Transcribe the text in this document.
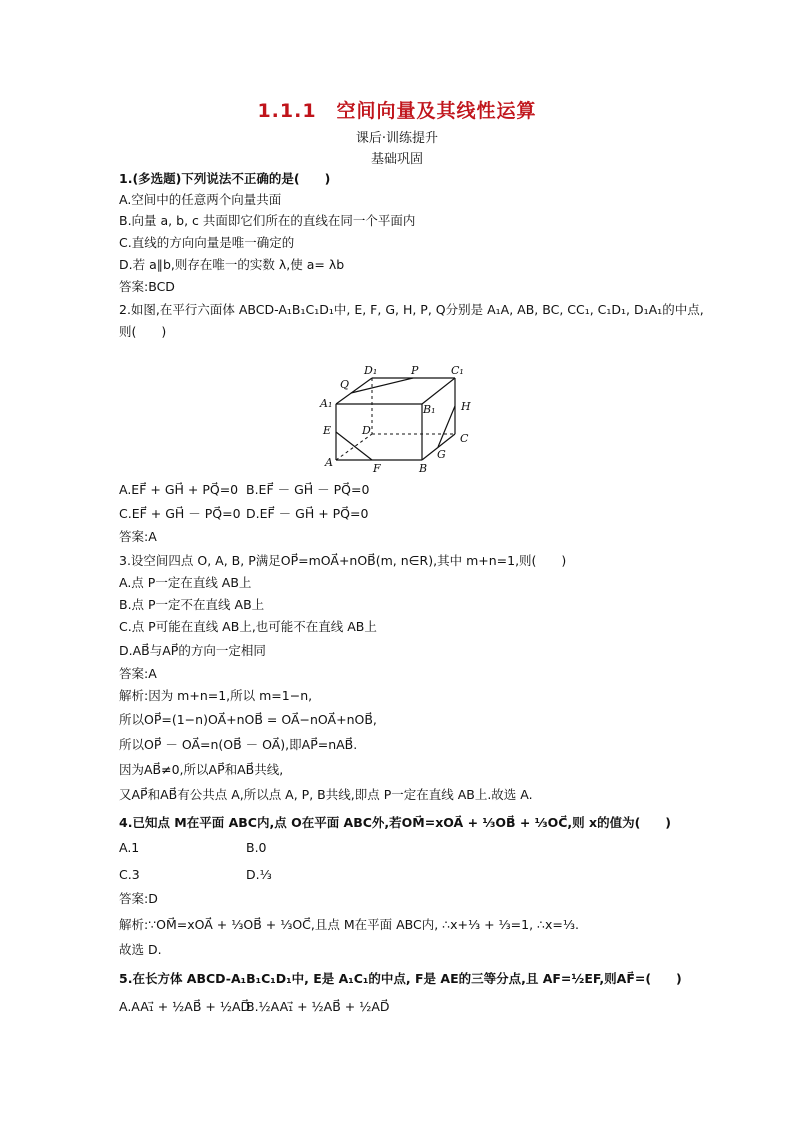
1.1.1　空间向量及其线性运算
课后·训练提升
基础巩固
1.(多选题)下列说法不正确的是(　　)
A.空间中的任意两个向量共面
B.向量 a, b, c 共面即它们所在的直线在同一个平面内
C.直线的方向向量是唯一确定的
D.若 a∥b,则存在唯一的实数 λ,使 a= λb
答案:BCD
2.如图,在平行六面体 ABCD-A₁B₁C₁D₁中, E, F, G, H, P, Q分别是 A₁A, AB, BC, CC₁, C₁D₁, D₁A₁的中点,
则(　　)
D₁	P	C₁
Q
A₁	B₁ H
E	D
C
G
A	F	B
A.EF⃗ + GH⃗ + PQ⃗=0 B.EF⃗ － GH⃗ － PQ⃗=0
C.EF⃗ + GH⃗ － PQ⃗=0 D.EF⃗ － GH⃗ + PQ⃗=0
答案:A
3.设空间四点 O, A, B, P满足OP⃗=mOA⃗+nOB⃗(m, n∈R),其中 m+n=1,则(　　)
A.点 P一定在直线 AB上
B.点 P一定不在直线 AB上
C.点 P可能在直线 AB上,也可能不在直线 AB上
D.AB⃗与AP⃗的方向一定相同
答案:A
解析:因为 m+n=1,所以 m=1−n,
所以OP⃗=(1−n)OA⃗+nOB⃗ = OA⃗−nOA⃗+nOB⃗,
所以OP⃗ － OA⃗=n(OB⃗ － OA⃗),即AP⃗=nAB⃗.
因为AB⃗≠0,所以AP⃗和AB⃗共线,
又AP⃗和AB⃗有公共点 A,所以点 A, P, B共线,即点 P一定在直线 AB上.故选 A.
4.已知点 M在平面 ABC内,点 O在平面 ABC外,若OM⃗=xOA⃗ + ⅓OB⃗ + ⅓OC⃗,则 x的值为(　　)
A.1	B.0
C.3	D.⅓
答案:D
解析:∵OM⃗=xOA⃗ + ⅓OB⃗ + ⅓OC⃗,且点 M在平面 ABC内, ∴x+⅓ + ⅓=1, ∴x=⅓.
故选 D.
5.在长方体 ABCD-A₁B₁C₁D₁中, E是 A₁C₁的中点, F是 AE的三等分点,且 AF=½EF,则AF⃗=(　　)
A.AA₁⃗ + ½AB⃗ + ½AD⃗
B.½AA₁⃗ + ½AB⃗ + ½AD⃗
